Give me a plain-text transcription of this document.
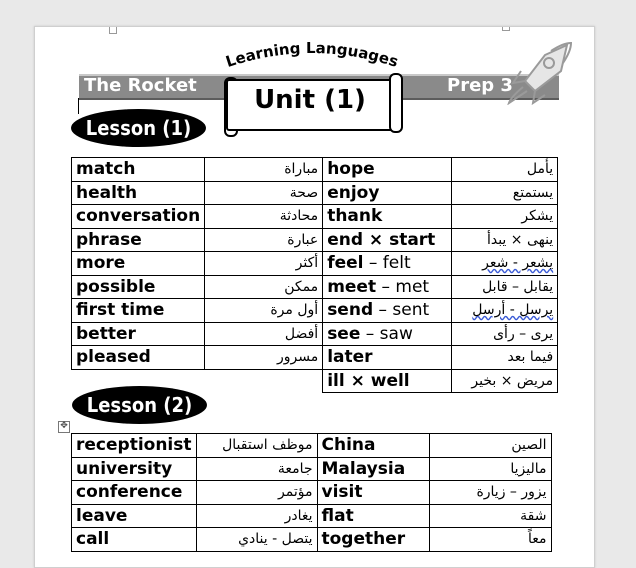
The Rocket	Prep 3
Learning Languages
Unit (1)
Lesson (1)
match	مباراة	hope	يأمل
health	صحة	enjoy	يستمتع
conversation	محادثة	thank	يشكر
phrase	عبارة	end × start	ينهى × يبدأ
more	أكثر	feel – felt	يشعر - شعر
possible	ممكن	meet – met	يقابل – قابل
first time	أول مرة	send – sent	يرسل - أرسل
better	أفضل	see – saw	يرى – رأى
pleased	مسرور	later	فيما بعد
		ill × well	مريض × بخير
Lesson (2)
✥
receptionist	موظف استقبال	China	الصين
university	جامعة	Malaysia	ماليزيا
conference	مؤتمر	visit	يزور – زيارة
leave	يغادر	flat	شقة
call	يتصل - ينادي	together	معاً
